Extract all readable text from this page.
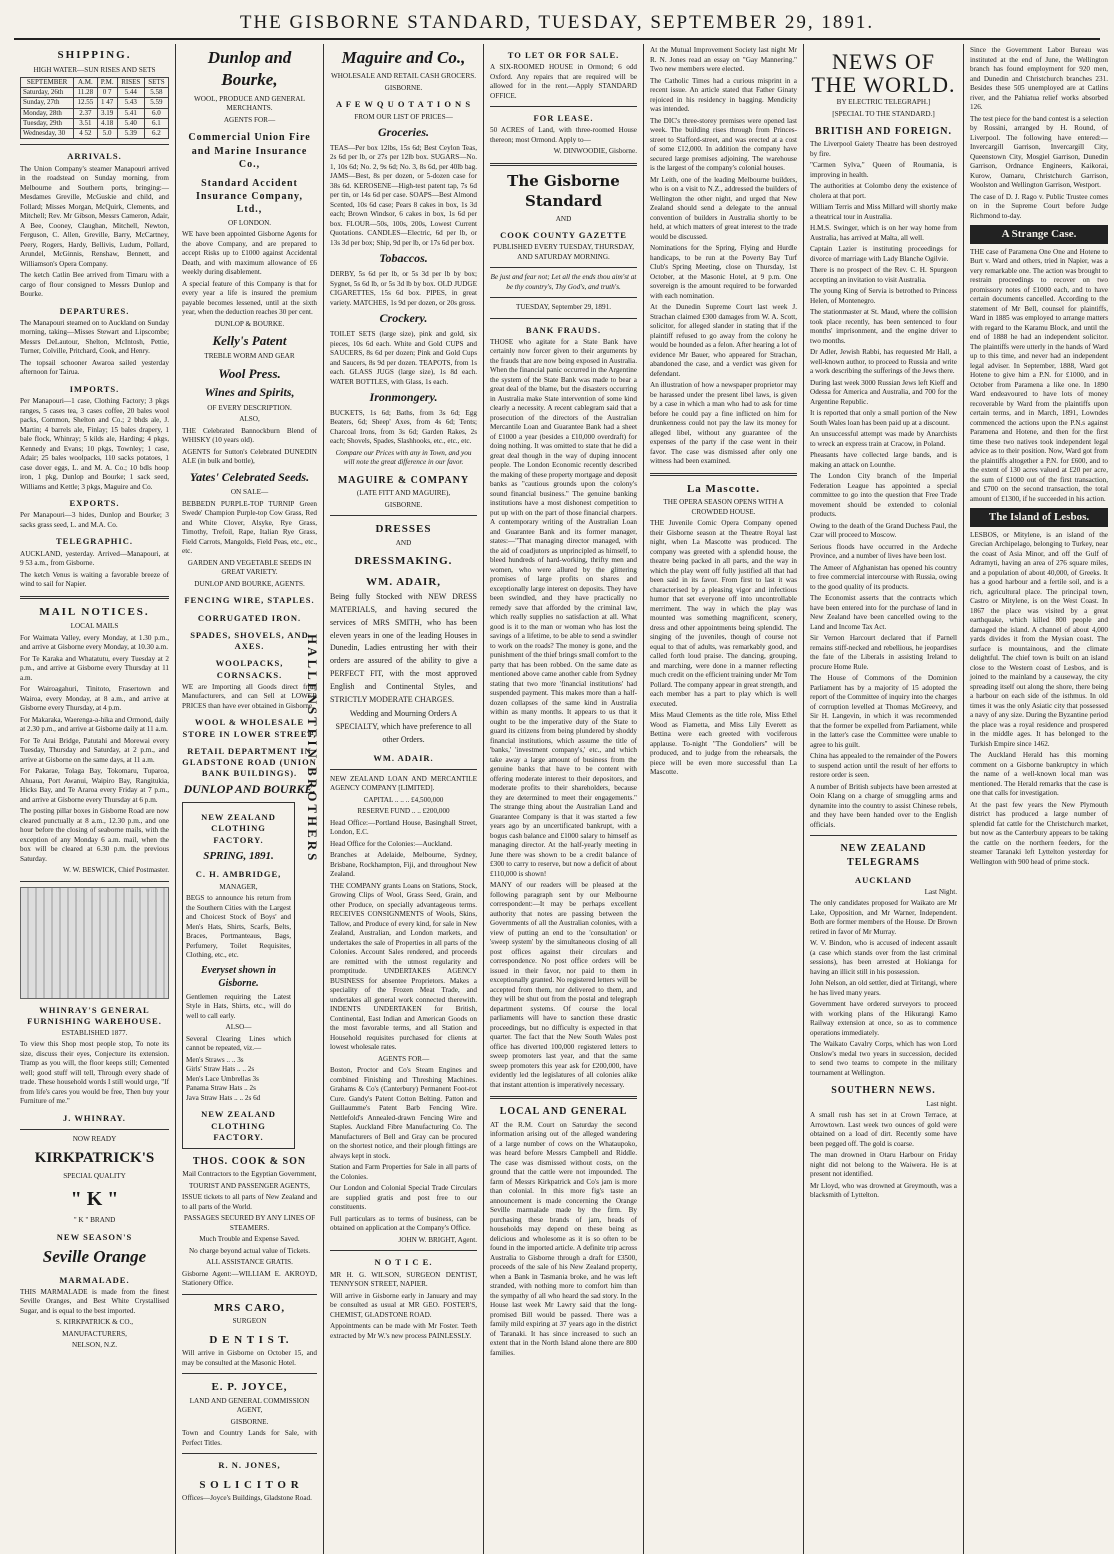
THE GISBORNE STANDARD, TUESDAY, SEPTEMBER 29, 1891.
SHIPPING.
HIGH WATER—SUN RISES AND SETS
SEPTEMBER	A.M.	P.M.	RISES	SETS
Saturday, 26th	11.28	0 7	5.44	5.58
Sunday, 27th	12.55	1 47	5.43	5.59
Monday, 28th	2.37	3.19	5.41	6.0
Tuesday, 29th	3.51	4.18	5.40	6.1
Wednesday, 30	4 52	5.0	5.39	6.2
ARRIVALS.

The Union Company's steamer Manapouri arrived in the roadstead on Sunday morning, from Melbourne and Southern ports, bringing:—Mesdames Greville, McGuskie and child, and Follard; Misses Morgan, McQuirk, Clements, and Mitchell; Rev. Mr Gibson, Messrs Cameron, Adair, A Bee, Cooney, Claughan, Mitchell, Newton, Ferguson, C. Allen, Greville, Barry, McCartney, Peery, Rogers, Hardy, Bellivis, Ludum, Pollard, Arundel, McGinnis, Renshaw, Bennett, and Williamson's Opera Company.

The ketch Catlin Bee arrived from Timaru with a cargo of flour consigned to Messrs Dunlop and Bourke.

DEPARTURES.

The Manapouri steamed on to Auckland on Sunday morning, taking—Misses Stewart and Lipscombe; Messrs DeLautour, Shelton, McIntosh, Pettie, Turner, Colville, Pritchard, Cook, and Henry.

The topsail schooner Awaroa sailed yesterday afternoon for Tairua.

IMPORTS.

Per Manapouri—1 case, Clothing Factory; 3 pkgs ranges, 5 cases tea, 3 cases coffee, 20 bales wool packs, Common, Shelton and Co.; 2 bhds ale, J. Martin; 4 barrels ale, Finlay; 15 bales drapery, 1 bale flock, Whinray; 5 kilds ale, Harding; 4 pkgs, Kennedy and Evans; 10 pkgs, Townley; 1 case, Adair; 25 bales woolpacks, 110 sacks potatoes, 1 case dover eggs, L. and M. A. Co.; 10 bdls hoop iron, 1 pkg, Dunlop and Bourke; 1 sack seed, Williams and Kettle; 3 pkgs, Maguire and Co.

EXPORTS.

Per Manapouri—3 hides, Dunlop and Bourke; 3 sacks grass seed, L. and M.A. Co.

TELEGRAPHIC.

AUCKLAND, yesterday. Arrived—Manapouri, at 9 53 a.m., from Gisborne.

The ketch Venus is waiting a favorable breeze of wind to sail for Napier.

MAIL NOTICES.
LOCAL MAILS

For Waimata Valley, every Monday, at 1.30 p.m., and arrive at Gisborne every Monday, at 10.30 a.m.

For Te Karaka and Whatatutu, every Tuesday at 2 p.m., and arrive at Gisborne every Thursday at 11 a.m.

For Wairoagahuri, Tinitoto, Frasertown and Wairoa, every Monday, at 8 a.m., and arrive at Gisborne every Thursday, at 4 p.m.

For Makaraka, Waerenga-a-hika and Ormond, daily at 2.30 p.m., and arrive at Gisborne daily at 11 a.m.

For Te Arai Bridge, Patutahi and Morewai every Tuesday, Thursday and Saturday, at 2 p.m., and arrive at Gisborne on the same days, at 11 a.m.

For Pakarae, Tolaga Bay, Tokomaru, Tuparoa, Ahuaua, Port Awanui, Waipiro Bay, Rangitukia, Hicks Bay, and Te Araroa every Friday at 7 p.m., and arrive at Gisborne every Thursday at 6 p.m.

The posting pillar boxes in Gisborne Road are now cleared punctually at 8 a.m., 12.30 p.m., and one hour before the closing of seaborne mails, with the exception of any Monday 6 a.m. mail, when the box will be cleared at 6.30 p.m. the previous Saturday.

W. W. BESWICK, Chief Postmaster.
WHINRAY'S GENERAL FURNISHING WAREHOUSE.
ESTABLISHED 1877.

To view this Shop most people stop, To note its size, discuss their eyes, Conjecture its extension. Tramp as you will, the floor keeps still; Cemented well; good stuff will tell, Through every shade of trade. These household words I still would urge, "If from life's cares you would be free, Then buy your Furniture of me."

J. WHINRAY.
NOW READY
KIRKPATRICK'S
SPECIAL QUALITY
" K "
" K " BRAND
NEW SEASON'S
Seville Orange
MARMALADE.

THIS MARMALADE is made from the finest Seville Oranges, and Best White Crystallised Sugar, and is equal to the best imported.

S. KIRKPATRICK & CO.,
MANUFACTURERS,
NELSON, N.Z.
Dunlop and Bourke,
WOOL, PRODUCE AND GENERAL MERCHANTS.
AGENTS FOR—
Commercial Union Fire and Marine Insurance Co.,
Standard Accident Insurance Company, Ltd.,
OF LONDON.

WE have been appointed Gisborne Agents for the above Company, and are prepared to accept Risks up to £1000 against Accidental Death, and with maximum allowance of £6 weekly during disablement.

A special feature of this Company is that for every year a life is insured the premium payable becomes lessened, until at the sixth year, when the deduction reaches 30 per cent.

DUNLOP & BOURKE.
Kelly's Patent
TREBLE WORM AND GEAR
Wool Press.
Wines and Spirits,
OF EVERY DESCRIPTION.
ALSO,

THE Celebrated Bannockburn Blend of WHISKY (10 years old).

AGENTS for Sutton's Celebrated DUNEDIN ALE (in bulk and bottle),

Yates' Celebrated Seeds.
ON SALE—

BEBBEDN PURPLE-TOP TURNIP Green Swede' Champion Purple-top Cow Grass, Red and White Clover, Alsyke, Rye Grass, Timothy, Trefoil, Rape, Italian Rye Grass, Field Carrots, Mangolds, Field Peas, etc., etc., etc.

GARDEN AND VEGETABLE SEEDS IN GREAT VARIETY.
DUNLOP AND BOURKE, AGENTS.
FENCING WIRE, STAPLES.
CORRUGATED IRON.
SPADES, SHOVELS, AND AXES.
WOOLPACKS, CORNSACKS.

WE are Importing all Goods direct from Manufacturers, and can Sell at LOWER PRICES than have ever obtained in Gisborne.

WOOL & WHOLESALE STORE IN LOWER STREET,
RETAIL DEPARTMENT IN GLADSTONE ROAD (UNION BANK BUILDINGS).
DUNLOP AND BOURKE.
NEW ZEALAND CLOTHING FACTORY.
SPRING, 1891.
C. H. AMBRIDGE,
MANAGER,

BEGS to announce his return from the Southern Cities with the Largest and Choicest Stock of Boys' and Men's Hats, Shirts, Scarfs, Belts, Braces, Portmanteaus, Bags, Perfumery, Toilet Requisites, Clothing, etc., etc.

Everyset shown in Gisborne.

Gentlemen requiring the Latest Style in Hats, Shirts, etc., will do well to call early.

ALSO—

Several Clearing Lines which cannot be repeated, viz.—

Men's Straws .. .. 3s
Girls' Straw Hats .. .. 2s
Men's Lace Umbrellas 3s
Panama Straw Hats .. 2s
Java Straw Hats .. .. 2s 6d
NEW ZEALAND CLOTHING FACTORY.
HALLENSTEIN BROTHERS
THOS. COOK & SON
Mail Contractors to the Egyptian Government,
TOURIST AND PASSENGER AGENTS,

ISSUE tickets to all parts of New Zealand and to all parts of the World.

PASSAGES SECURED BY ANY LINES OF STEAMERS.
Much Trouble and Expense Saved.
No charge beyond actual value of Tickets.
ALL ASSISTANCE GRATIS.

Gisborne Agent:—WILLIAM E. AKROYD, Stationery Office.

MRS CARO,
SURGEON
D E N T I S T.

Will arrive in Gisborne on October 15, and may be consulted at the Masonic Hotel.

E. P. JOYCE,
LAND AND GENERAL COMMISSION AGENT,
GISBORNE.

Town and Country Lands for Sale, with Perfect Titles.

R. N. JONES,
S O L I C I T O R

Offices—Joyce's Buildings, Gladstone Road.

Maguire and Co.,
WHOLESALE AND RETAIL CASH GROCERS.
GISBORNE.
A F E W Q U O T A T I O N S
FROM OUR LIST OF PRICES—
Groceries.

TEAS—Per box 12lbs, 15s 6d; Best Ceylon Teas, 2s 6d per lb, or 27s per 12lb box. SUGARS—No. 1, 10s 6d; No. 2, 9s 6d; No. 3, 8s 6d, per 40lb bag. JAMS—Best, 8s per dozen, or 5-dozen case for 38s 6d. KEROSENE—High-test patent tap, 7s 6d per tin, or 14s 6d per case. SOAPS—Best Almond Scented, 10s 6d case; Pears 8 cakes in box, 1s 3d each; Brown Windsor, 6 cakes in box, 1s 6d per box. FLOUR—50s, 100s, 200s, Lowest Current Quotations. CANDLES—Electric, 6d per lb, or 13s 3d per box; Ship, 9d per lb, or 17s 6d per box.

Tobaccos.

DERBY, 5s 6d per lb, or 5s 3d per lb by box; Sygnet, 5s 6d lb, or 5s 3d lb by box. OLD JUDGE CIGARETTES, 15s 6d box. PIPES, in great variety. MATCHES, 1s 9d per dozen, or 20s gross.

Crockery.

TOILET SETS (large size), pink and gold, six pieces, 10s 6d each. White and Gold CUPS and SAUCERS, 8s 6d per dozen; Pink and Gold Cups and Saucers, 8s 9d per dozen. TEAPOTS, from 1s each. GLASS JUGS (large size), 1s 8d each. WATER BOTTLES, with Glass, 1s each.

Ironmongery.

BUCKETS, 1s 6d; Baths, from 3s 6d; Egg Beaters, 6d; Sheep' Axes, from 4s 6d; Tents; Charcoal Irons, from 3s 6d; Garden Rakes, 2s each; Shovels, Spades, Slashhooks, etc., etc., etc.

Compare our Prices with any in Town, and you will note the great difference in our favor.

MAGUIRE & COMPANY
(LATE FITT AND MAGUIRE),
GISBORNE.
DRESSES
AND
DRESSMAKING.
WM. ADAIR,

Being fully Stocked with NEW DRESS MATERIALS, and having secured the services of MRS SMITH, who has been eleven years in one of the leading Houses in Dunedin, Ladies entrusting her with their orders are assured of the ability to give a PERFECT FIT, with the most approved English and Continental Styles, and STRICTLY MODERATE CHARGES.

Wedding and Mourning Orders A SPECIALTY, which have preference to all other Orders.

WM. ADAIR.

NEW ZEALAND LOAN AND MERCANTILE AGENCY COMPANY [LIMITED].

CAPITAL .. .. .. £4,500,000
RESERVE FUND .. .. £200,000

Head Office:—Portland House, Basinghall Street, London, E.C.

Head Office for the Colonies:—Auckland.

Branches at Adelaide, Melbourne, Sydney, Brisbane, Rockhampton, Fiji, and throughout New Zealand.

THE COMPANY grants Loans on Stations, Stock, Growing Clips of Wool, Grass Seed, Grain, and other Produce, on specially advantageous terms. RECEIVES CONSIGNMENTS of Wools, Skins, Tallow, and Produce of every kind, for sale in New Zealand, Australian, and London markets, and undertakes the sale of Properties in all parts of the Colonies. Account Sales rendered, and proceeds are remitted with the utmost regularity and promptitude. UNDERTAKES AGENCY BUSINESS for absentee Proprietors. Makes a speciality of the Frozen Meat Trade, and undertakes all general work connected therewith. INDENTS UNDERTAKEN for British, Continental, East Indian and American Goods on the most favorable terms, and all Station and Household requisites purchased for clients at lowest wholesale rates.

AGENTS FOR—

Boston, Proctor and Co's Steam Engines and combined Finishing and Threshing Machines. Grahams & Co's (Canterbury) Permanent Foot-rot Cure. Gandy's Patent Cotton Belting. Patton and Guillaumme's Patent Barb Fencing Wire. Nettlefold's Annealed-drawn Fencing Wire and Staples. Auckland Fibre Manufacturing Co. The Manufacturers of Bell and Gray can be procured on the shortest notice, and their plough fittings are always kept in stock.

Station and Farm Properties for Sale in all parts of the Colonies.

Our London and Colonial Special Trade Circulars are supplied gratis and post free to our constituents.

Full particulars as to terms of business, can be obtained on application at the Company's Office.

JOHN W. BRIGHT, Agent.
N O T I C E.

MR H. G. WILSON, SURGEON DENTIST, TENNYSON STREET, NAPIER.

Will arrive in Gisborne early in January and may be consulted as usual at MR GEO. FOSTER'S, CHEMIST, GLADSTONE ROAD.

Appointments can be made with Mr Foster. Teeth extracted by Mr W.'s new process PAINLESSLY.

TO LET OR FOR SALE.

A SIX-ROOMED HOUSE in Ormond; 6 odd Oxford. Any repairs that are required will be allowed for in the rent.—Apply STANDARD OFFICE.

FOR LEASE.

50 ACRES of Land, with three-roomed House thereon; most Ormond. Apply to—

W. DINWOODIE, Gisborne.
The Gisborne Standard
AND
COOK COUNTY GAZETTE
PUBLISHED EVERY TUESDAY, THURSDAY, AND SATURDAY MORNING.

Be just and fear not; Let all the ends thou aim'st at be thy country's, Thy God's, and truth's.

TUESDAY, September 29, 1891.
BANK FRAUDS.

THOSE who agitate for a State Bank have certainly now forcer given to their arguments by the frauds that are now being exposed in Australia. When the financial panic occurred in the Argentine the system of the State Bank was made to bear a great deal of the blame, but the disasters occurring in Australia make State intervention of some kind clearly a necessity. A recent cablegram said that a prosecution of the directors of the Australian Mercantile Loan and Guarantee Bank had a sheet of £1000 a year (besides a £10,000 overdraft) for doing nothing. It was omitted to state that he did a great deal though in the way of duping innocent people. The London Economic recently described the making of these property mortgage and deposit banks as "cautious grounds upon the colony's sound financial business." The genuine banking institutions have a most dishonest competition to put up with on the part of those financial charpers. A contemporary writing of the Australian Loan and Guarantee Bank and its former manager, states:—"That managing director managed, with the aid of coadjutors as unprincipled as himself, to bleed hundreds of hard-working, thrifty men and women, who were allured by the glittering promises of large profits on shares and exceptionally large interest on deposits. They have been swindled, and they have practically no remedy save that afforded by the criminal law, which really supplies no satisfaction at all. What good is it to the man or woman who has lost the savings of a lifetime, to be able to send a swindler to work on the roads? The money is gone, and the punishment of the thief brings small comfort to the party that has been robbed. On the same date as mentioned above came another cable from Sydney stating that two more 'financial institutions' had suspended payment. This makes more than a half-dozen collapses of the same kind in Australia within as many months. It appears to us that it ought to be the imperative duty of the State to guard its citizens from being plundered by shoddy financial institutions, which assume the title of 'banks,' 'investment company's,' etc., and which take away a large amount of business from the genuine banks that have to be content with offering moderate interest to their depositors, and moderate profits to their shareholders, because they are determined to meet their engagements." The strange thing about the Australian Land and Guarantee Company is that it was started a few years ago by an uncertificated bankrupt, with a bogus cash balance and £1000 salary to himself as managing director. At the half-yearly meeting in June there was shown to be a credit balance of £300 to carry to reserve, but now a deficit of about £110,000 is shown!

MANY of our readers will be pleased at the following paragraph sent by our Melbourne correspondent:—It may be perhaps excellent authority that notes are passing between the Governments of all the Australian colonies, with a view of putting an end to the 'consultation' or 'sweep system' by the simultaneous closing of all post offices against their circulars and correspondence. No post office orders will be issued in their favor, nor paid to them in exceptionally granted. No registered letters will be accepted from them, nor delivered to them, and they will be shut out from the postal and telegraph department systems. Of course the local parliaments will have to sanction these drastic proceedings, but no difficulty is expected in that quarter. The fact that the New South Wales post office has diverted 100,000 registered letters to sweep promoters last year, and that the same sweep promoters this year ask for £200,000, have evidently led the legislatures of all colonies alike that instant attention is imperatively necessary.

LOCAL AND GENERAL

AT the R.M. Court on Saturday the second information arising out of the alleged wandering of a large number of cows on the Whataupoko, was heard before Messrs Campbell and Riddle. The case was dismissed without costs, on the ground that the cattle were not impounded. The farm of Messrs Kirkpatrick and Co's jam is more than colonial. In this more fig's taste an announcement is made concerning the Orange Seville marmalade made by the firm. By purchasing these brands of jam, heads of households may depend on these being as delicious and wholesome as it is so often to be found in the imported article. A definite trip across Australia to Gisborne through a draft for £3500, proceeds of the sale of his New Zealand property, when a Bank in Tasmania broke, and he was left stranded, with nothing more to comfort him than the sympathy of all who heard the sad story. In the House last week Mr Lawry said that the long-promised Bill would be passed. There was a family mild expiring at 37 years ago in the district of Taranaki. It has since increased to such an extent that in the North Island alone there are 800 families.

At the Mutual Improvement Society last night Mr R. N. Jones read an essay on "Gay Mannering." Two new members were elected.

The Catholic Times had a curious misprint in a recent issue. An article stated that Father Ginaty rejoiced in his residency in bagging. Mendicity was intended.

The DIC's three-storey premises were opened last week. The building rises through from Princes-street to Stafford-street, and was erected at a cost of some £12,000. In addition the company have secured large premises adjoining. The warehouse is the largest of the company's colonial houses.

Mr Leith, one of the leading Melbourne builders, who is on a visit to N.Z., addressed the builders of Wellington the other night, and urged that New Zealand should send a delegate to the annual convention of builders in Australia shortly to be held, at which matters of great interest to the trade would be discussed.

Nominations for the Spring, Flying and Hurdle handicaps, to be run at the Poverty Bay Turf Club's Spring Meeting, close on Thursday, 1st October, at the Masonic Hotel, at 9 p.m. One sovereign is the amount required to be forwarded with each nomination.

At the Dunedin Supreme Court last week J. Strachan claimed £300 damages from W. A. Scott, solicitor, for alleged slander in stating that if the plaintiff refused to go away from the colony he would be hounded as a felon. After hearing a lot of evidence Mr Bauer, who appeared for Strachan, abandoned the case, and a verdict was given for defendant.

An illustration of how a newspaper proprietor may be harassed under the present libel laws, is given by a case in which a man who had to ask for time before he could pay a fine inflicted on him for drunkenness could not pay the law its money for alleged libel, without any guarantee of the expenses of the party if the case went in their favor. The case was dismissed after only one witness had been examined.

La Mascotte.
THE OPERA SEASON OPENS WITH A CROWDED HOUSE.

THE Juvenile Comic Opera Company opened their Gisborne season at the Theatre Royal last night, when La Mascotte was produced. The company was greeted with a splendid house, the theatre being packed in all parts, and the way in which the play went off fully justified all that had been said in its favor. From first to last it was characterised by a pleasing vigor and infectious humor that set everyone off into uncontrollable merriment. The way in which the play was mounted was something magnificent, scenery, dress and other appointments being splendid. The singing of the juveniles, though of course not equal to that of adults, was remarkably good, and called forth loud praise. The dancing, grouping, and marching, were done in a manner reflecting much credit on the efficient training under Mr Tom Pollard. The company appear in great strength, and each member has a part to play which is well executed.

Miss Maud Clements as the title role, Miss Ethel Wood as Fiametta, and Miss Lily Everett as Bettina were each greeted with vociferous applause. To-night "The Gondoliers" will be produced, and to judge from the rehearsals, the piece will be even more successful than La Mascotte.

NEWS OF THE WORLD.
BY ELECTRIC TELEGRAPH.]
[SPECIAL TO THE STANDARD.]
BRITISH AND FOREIGN.

The Liverpool Gaiety Theatre has been destroyed by fire.

"Carmen Sylva," Queen of Roumania, is improving in health.

The authorities at Colombo deny the existence of cholera at that port.

William Terris and Miss Millard will shortly make a theatrical tour in Australia.

H.M.S. Swinger, which is on her way home from Australia, has arrived at Malta, all well.

Captain Lazier is instituting proceedings for divorce of marriage with Lady Blanche Ogilvie.

There is no prospect of the Rev. C. H. Spurgeon accepting an invitation to visit Australia.

The young King of Servia is betrothed to Princess Helen, of Montenegro.

The stationmaster at St. Maud, where the collision took place recently, has been sentenced to four months' imprisonment, and the engine driver to two months.

Dr Adler, Jewish Rabbi, has requested Mr Hall, a well-known author, to proceed to Russia and write a work describing the sufferings of the Jews there.

During last week 3000 Russian Jews left Kieff and Odessa for America and Australia, and 700 for the Argentine Republic.

It is reported that only a small portion of the New South Wales loan has been paid up at a discount.

An unsuccessful attempt was made by Anarchists to wreck an express train at Cracow, in Poland.

Pheasants have collected large bands, and is making an attack on Lounthe.

The London City branch of the Imperial Federation League has appointed a special committee to go into the question that Free Trade movement should be extended to colonial products.

Owing to the death of the Grand Duchess Paul, the Czar will proceed to Moscow.

Serious floods have occurred in the Ardeche Province, and a number of lives have been lost.

The Ameer of Afghanistan has opened his country to free commercial intercourse with Russia, owing to the good quality of its products.

The Economist asserts that the contracts which have been entered into for the purchase of land in New Zealand have been cancelled owing to the Land and Income Tax Act.

Sir Vernon Harcourt declared that if Parnell remains stiff-necked and rebellious, he jeopardises the fate of the Liberals in assisting Ireland to procure Home Rule.

The House of Commons of the Dominion Parliament has by a majority of 15 adopted the report of the Committee of inquiry into the charges of corruption levelled at Thomas McGreevy, and Sir H. Langevin, in which it was recommended that the former be expelled from Parliament, while in the latter's case the Committee were unable to agree to his guilt.

China has appealed to the remainder of the Powers to suspend action until the result of her efforts to restore order is seen.

A number of British subjects have been arrested at Ooin Klang on a charge of smuggling arms and dynamite into the country to assist Chinese rebels, and they have been handed over to the English officials.

NEW ZEALAND TELEGRAMS
AUCKLAND
Last Night.

The only candidates proposed for Waikato are Mr Lake, Opposition, and Mr Warner, Independent. Both are former members of the House. Dr Brown retired in favor of Mr Murray.

W. V. Bindon, who is accused of indecent assault (a case which stands over from the last criminal sessions), has been arrested at Hokianga for having an illicit still in his possession.

John Nelson, an old settler, died at Tiritangi, where he has lived many years.

Government have ordered surveyors to proceed with working plans of the Hikurangi Kamo Railway extension at once, so as to commence operations immediately.

The Waikato Cavalry Corps, which has won Lord Onslow's medal two years in succession, decided to send two teams to compete in the military tournament at Wellington.

SOUTHERN NEWS.
Last night.

A small rush has set in at Crown Terrace, at Arrowtown. Last week two ounces of gold were obtained on a load of dirt. Recently some have been pegged off. The gold is coarse.

The man drowned in Otaru Harbour on Friday night did not belong to the Waiwera. He is at present not identified.

Mr Lloyd, who was drowned at Greymouth, was a blacksmith of Lyttelton.

Since the Government Labor Bureau was instituted at the end of June, the Wellington branch has found employment for 920 men, and Dunedin and Christchurch branches 231. Besides these 505 unemployed are at Catlins river, and the Pahiatua relief works absorbed 126.

The test piece for the band contest is a selection by Rossini, arranged by H. Round, of Liverpool. The following have entered:—Invercargill Garrison, Invercargill City, Queenstown City, Mosgiel Garrison, Dunedin Garrison, Ordnance Engineers, Kaikorai, Kurow, Oamaru, Christchurch Garrison, Woolston and Wellington Garrison, Westport.

The case of D. J. Rago v. Public Trustee comes on in the Supreme Court before Judge Richmond to-day.

A Strange Case.

THE case of Paramena One One and Hotene to Burt v. Ward and others, tried in Napier, was a very remarkable one. The action was brought to restrain proceedings to recover on two promissory notes of £1000 each, and to have certain documents cancelled. According to the statement of Mr Bell, counsel for plaintiffs, Ward in 1885 was employed to arrange matters with regard to the Karamu Block, and until the end of 1888 he had an independent solicitor. The plaintiffs were utterly in the hands of Ward up to this time, and never had an independent legal adviser. In September, 1888, Ward got Hotene to give him a P.N. for £1000, and in October from Paramena a like one. In 1890 Ward endeavoured to have lots of money recoverable by Ward from the plaintiffs upon certain terms, and in March, 1891, Lowndes commenced the actions upon the P.N.s against Paramena and Hotene, and then for the first time these two natives took independent legal advice as to their position. Now, Ward got from the plaintiffs altogether a P.N. for £600, and to the extent of 130 acres valued at £20 per acre, the sum of £1000 out of the first transaction, and £700 on the second transaction, the total amount of £1300, if he succeeded in his action.

The Island of Lesbos.

LESBOS, or Mitylene, is an island of the Grecian Archipelago, belonging to Turkey, near the coast of Asia Minor, and off the Gulf of Adramyti, having an area of 276 square miles, and a population of about 40,000, of Greeks. It has a good harbour and a fertile soil, and is a rich, agricultural place. The principal town, Castro or Mitylene, is on the West Coast. In 1867 the place was visited by a great earthquake, which killed 800 people and damaged the island. A channel of about 4,000 yards divides it from the Mysian coast. The surface is mountainous, and the climate delightful. The chief town is built on an island close to the Western coast of Lesbos, and is joined to the mainland by a causeway, the city spreading itself out along the shore, there being a harbour on each side of the isthmus. In old times it was the only Asiatic city that possessed a navy of any size. During the Byzantine period the place was a royal residence and prospered in the middle ages. It has belonged to the Turkish Empire since 1462.

The Auckland Herald has this morning comment on a Gisborne bankruptcy in which the name of a well-known local man was mentioned. The Herald remarks that the case is one that calls for investigation.

At the past few years the New Plymouth district has produced a large number of splendid fat cattle for the Christchurch market, but now as the Canterbury appears to be taking the cattle on the northern feeders, for the steamer Taranaki left Lyttelton yesterday for Wellington with 900 head of prime stock.
